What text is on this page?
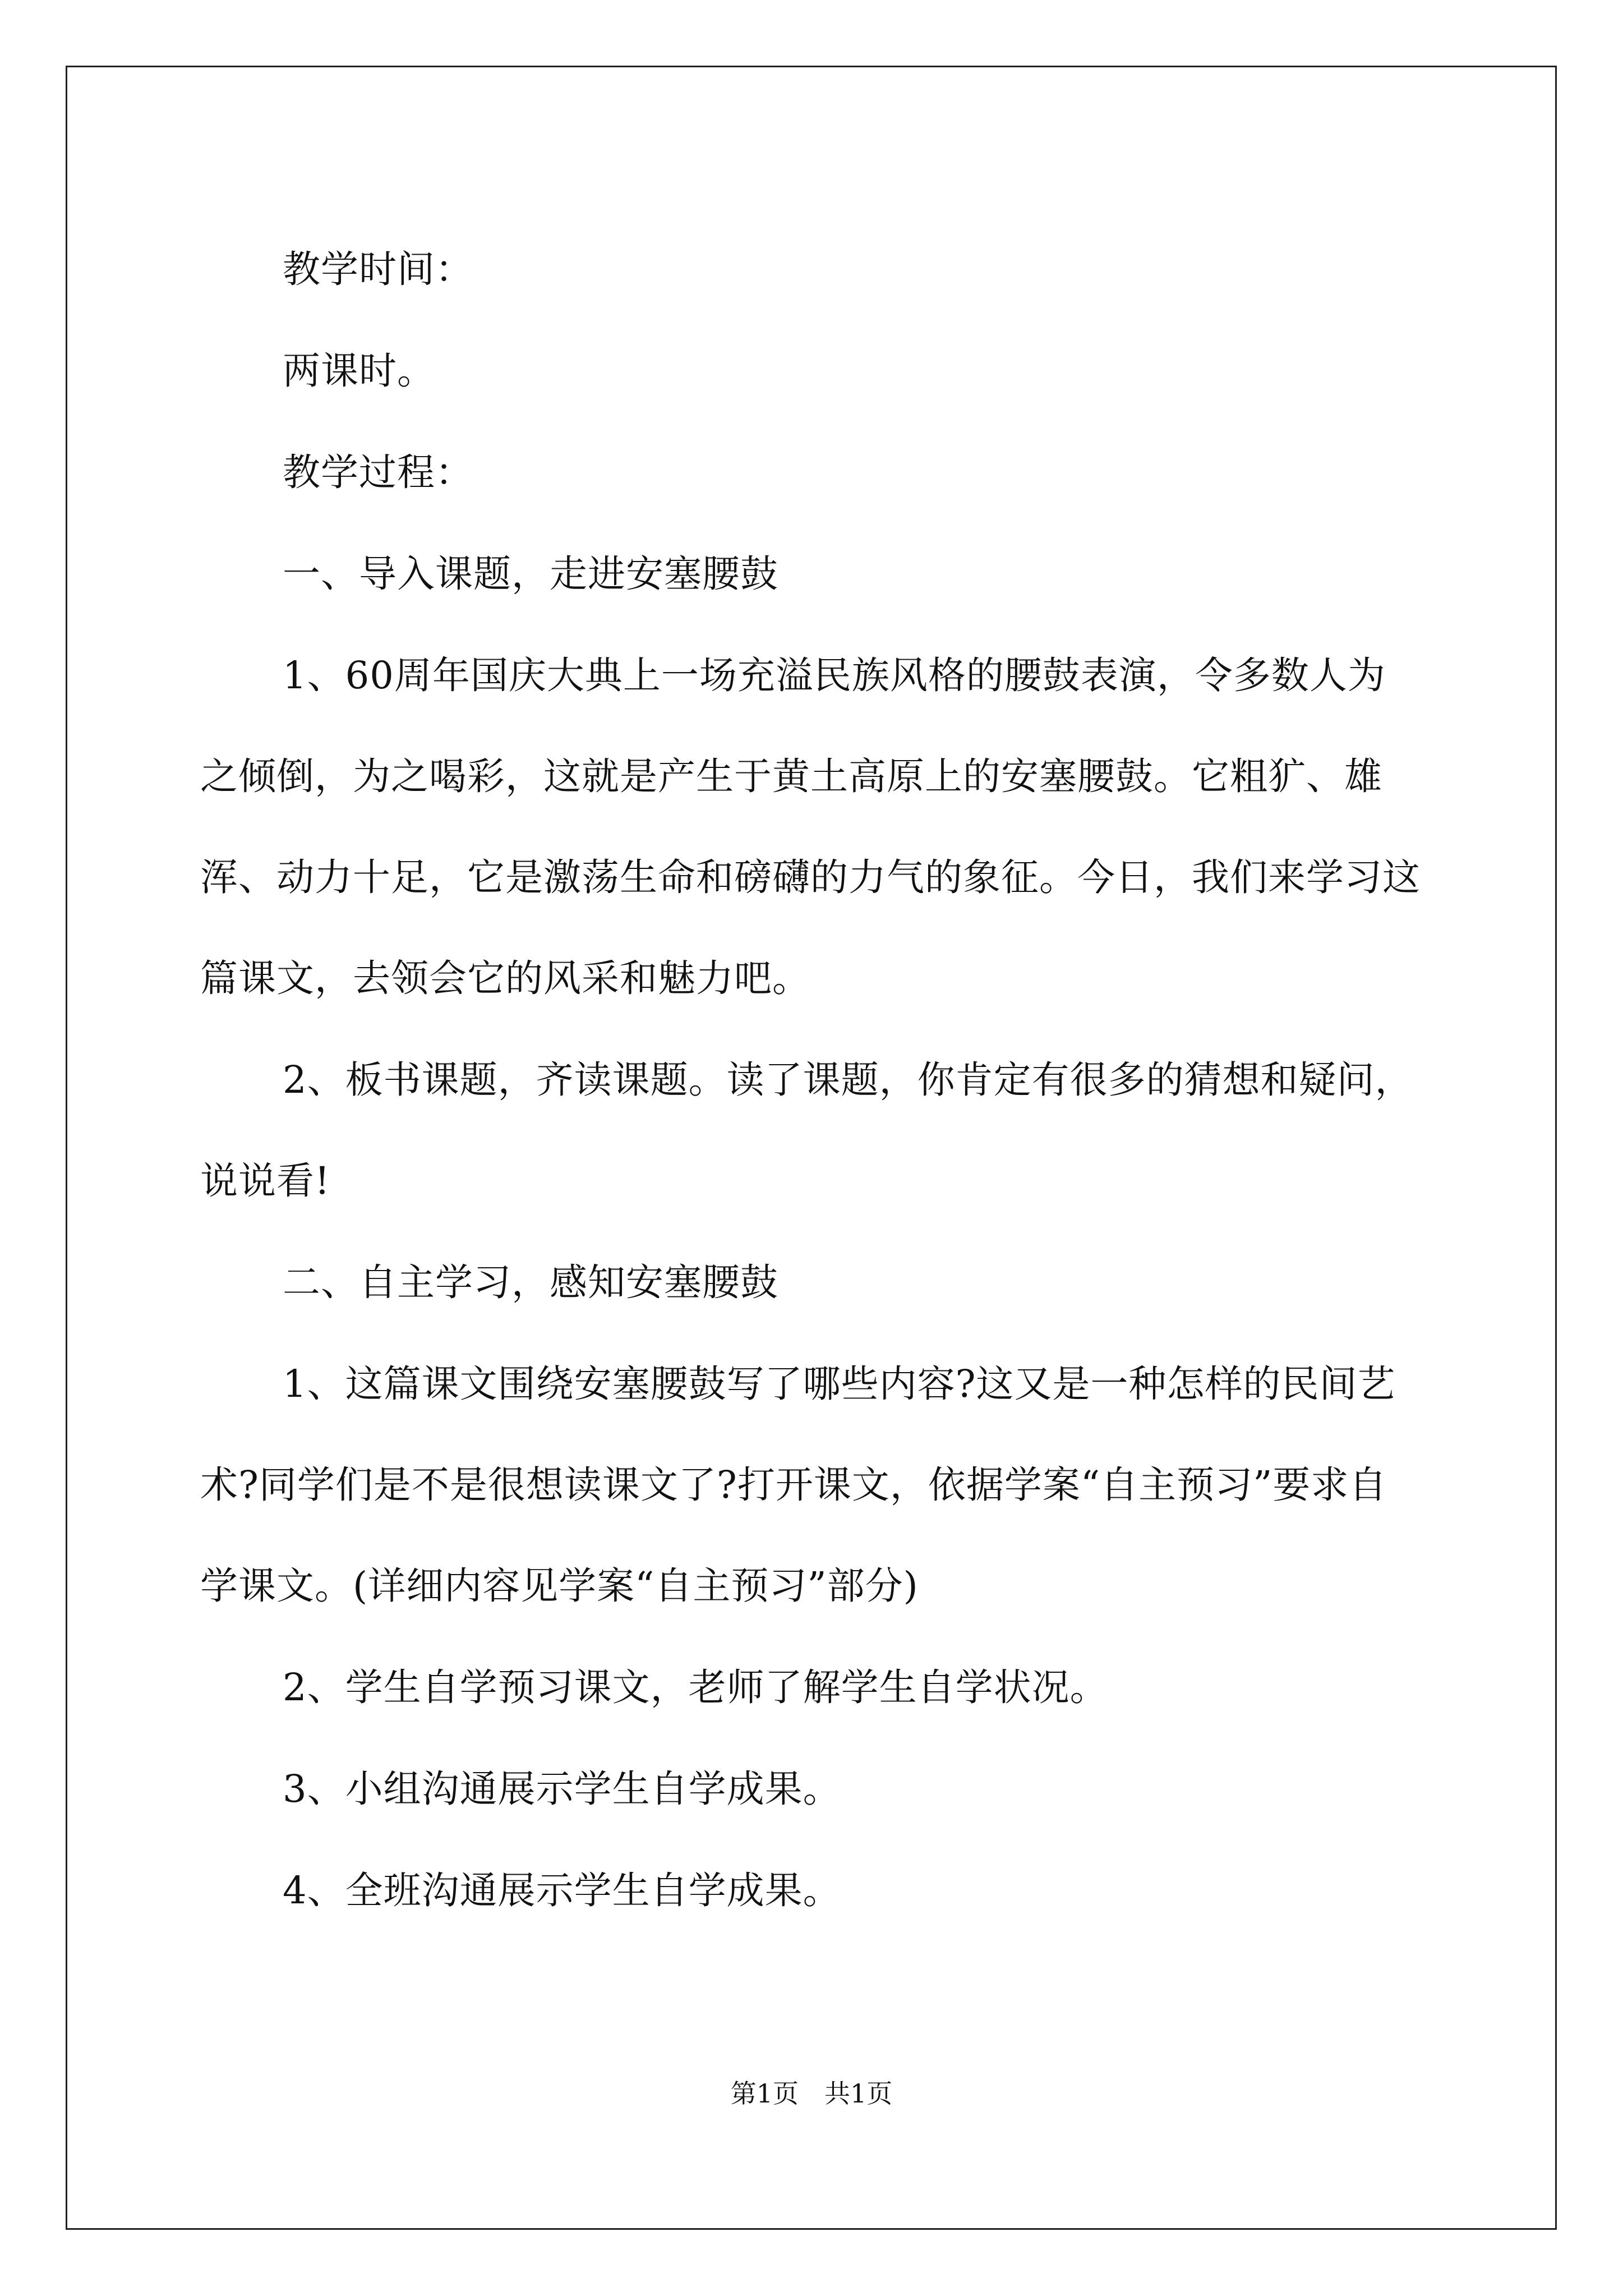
教学时间：

两课时。

教学过程：

一、导入课题，走进安塞腰鼓

1、60周年国庆大典上一场充溢民族风格的腰鼓表演，令多数人为之倾倒，为之喝彩，这就是产生于黄土高原上的安塞腰鼓。它粗犷、雄浑、动力十足，它是激荡生命和磅礴的力气的象征。今日，我们来学习这篇课文，去领会它的风采和魅力吧。

2、板书课题，齐读课题。读了课题，你肯定有很多的猜想和疑问，说说看!

二、自主学习，感知安塞腰鼓

1、这篇课文围绕安塞腰鼓写了哪些内容?这又是一种怎样的民间艺术?同学们是不是很想读课文了?打开课文，依据学案“自主预习”要求自学课文。(详细内容见学案“自主预习”部分)

2、学生自学预习课文，老师了解学生自学状况。

3、小组沟通展示学生自学成果。

4、全班沟通展示学生自学成果。

第1页　共1页
